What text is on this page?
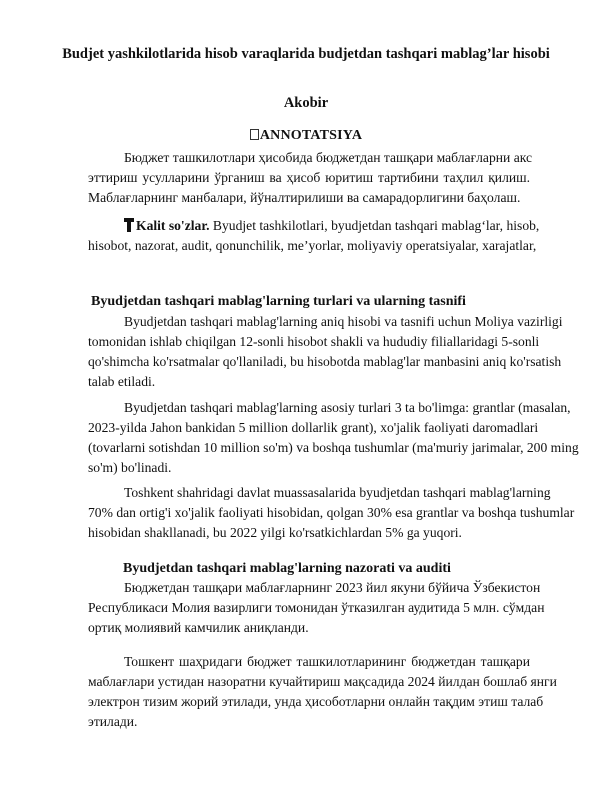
Budjet yashkilotlarida hisob varaqlarida budjetdan tashqari mablag’lar hisobi
Akobir
ANNOTATSIYA
Бюджет ташкилотлари ҳисобида бюджетдан ташқари маблағларни акс
эттириш усулларини ўрганиш ва ҳисоб юритиш тартибини таҳлил қилиш.
Маблағларнинг манбалари, йўналтирилиши ва самарадорлигини баҳолаш.
Kalit so'zlar. Byudjet tashkilotlari, byudjetdan tashqari mablag‘lar, hisob,
hisobot, nazorat, audit, qonunchilik, me’yorlar, moliyaviy operatsiyalar, xarajatlar,
Byudjetdan tashqari mablag'larning turlari va ularning tasnifi
Byudjetdan tashqari mablag'larning aniq hisobi va tasnifi uchun Moliya vazirligi
tomonidan ishlab chiqilgan 12-sonli hisobot shakli va hududiy filiallaridagi 5-sonli
qo'shimcha ko'rsatmalar qo'llaniladi, bu hisobotda mablag'lar manbasini aniq ko'rsatish
talab etiladi.
Byudjetdan tashqari mablag'larning asosiy turlari 3 ta bo'limga: grantlar (masalan,
2023-yilda Jahon bankidan 5 million dollarlik grant), xo'jalik faoliyati daromadlari
(tovarlarni sotishdan 10 million so'm) va boshqa tushumlar (ma'muriy jarimalar, 200 ming
so'm) bo'linadi.
Toshkent shahridagi davlat muassasalarida byudjetdan tashqari mablag'larning
70% dan ortig'i xo'jalik faoliyati hisobidan, qolgan 30% esa grantlar va boshqa tushumlar
hisobidan shakllanadi, bu 2022 yilgi ko'rsatkichlardan 5% ga yuqori.
Byudjetdan tashqari mablag'larning nazorati va auditi
Бюджетдан ташқари маблағларнинг 2023 йил якуни бўйича Ўзбекистон
Республикаси Молия вазирлиги томонидан ўтказилган аудитида 5 млн. сўмдан
ортиқ молиявий камчилик аниқланди.
Тошкент шаҳридаги бюджет ташкилотларининг бюджетдан ташқари
маблағлари устидан назоратни кучайтириш мақсадида 2024 йилдан бошлаб янги
электрон тизим жорий этилади, унда ҳисоботларни онлайн тақдим этиш талаб
этилади.
